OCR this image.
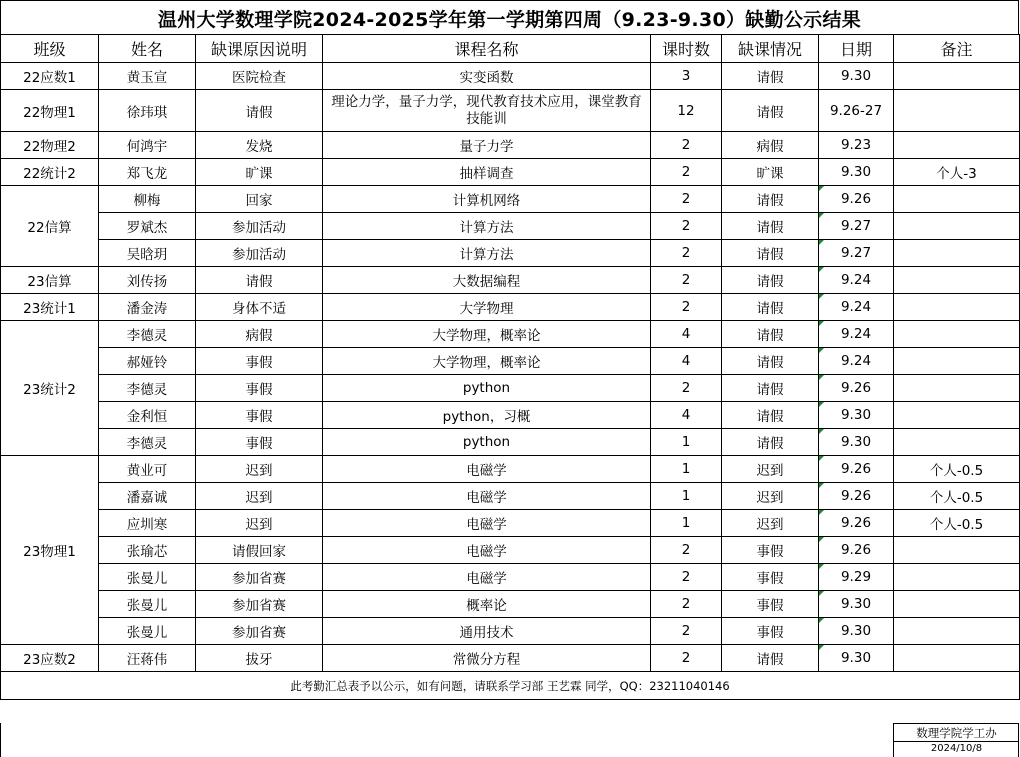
温州大学数理学院2024-2025学年第一学期第四周（9.23-9.30）缺勤公示结果
班级	姓名	缺课原因说明	课程名称	课时数	缺课情况	日期	备注
22应数1	黄玉宣	医院检查	实变函数	3	请假	9.30	
22物理1	徐玮琪	请假	理论力学，量子力学，现代教育技术应用，课堂教育技能训	12	请假	9.26-27	
22物理2	何鸿宇	发烧	量子力学	2	病假	9.23	
22统计2	郑飞龙	旷课	抽样调查	2	旷课	9.30	个人-3
22信算	柳梅	回家	计算机网络	2	请假	9.26	
	罗斌杰	参加活动	计算方法	2	请假	9.27	
	吴晗玥	参加活动	计算方法	2	请假	9.27	
23信算	刘传扬	请假	大数据编程	2	请假	9.24	
23统计1	潘金涛	身体不适	大学物理	2	请假	9.24	
23统计2	李德灵	病假	大学物理，概率论	4	请假	9.24	
	郝娅铃	事假	大学物理，概率论	4	请假	9.24	
	李德灵	事假	python	2	请假	9.26	
	金利恒	事假	python，习概	4	请假	9.30	
	李德灵	事假	python	1	请假	9.30	
23物理1	黄业可	迟到	电磁学	1	迟到	9.26	个人-0.5
	潘嘉诚	迟到	电磁学	1	迟到	9.26	个人-0.5
	应圳寒	迟到	电磁学	1	迟到	9.26	个人-0.5
	张瑜芯	请假回家	电磁学	2	事假	9.26	
	张曼儿	参加省赛	电磁学	2	事假	9.29	
	张曼儿	参加省赛	概率论	2	事假	9.30	
	张曼儿	参加省赛	通用技术	2	事假	9.30	
23应数2	汪蒋伟	拔牙	常微分方程	2	请假	9.30	
此考勤汇总表予以公示，如有问题，请联系学习部 王艺霖 同学，QQ：23211040146							
数理学院学工办
2024/10/8
